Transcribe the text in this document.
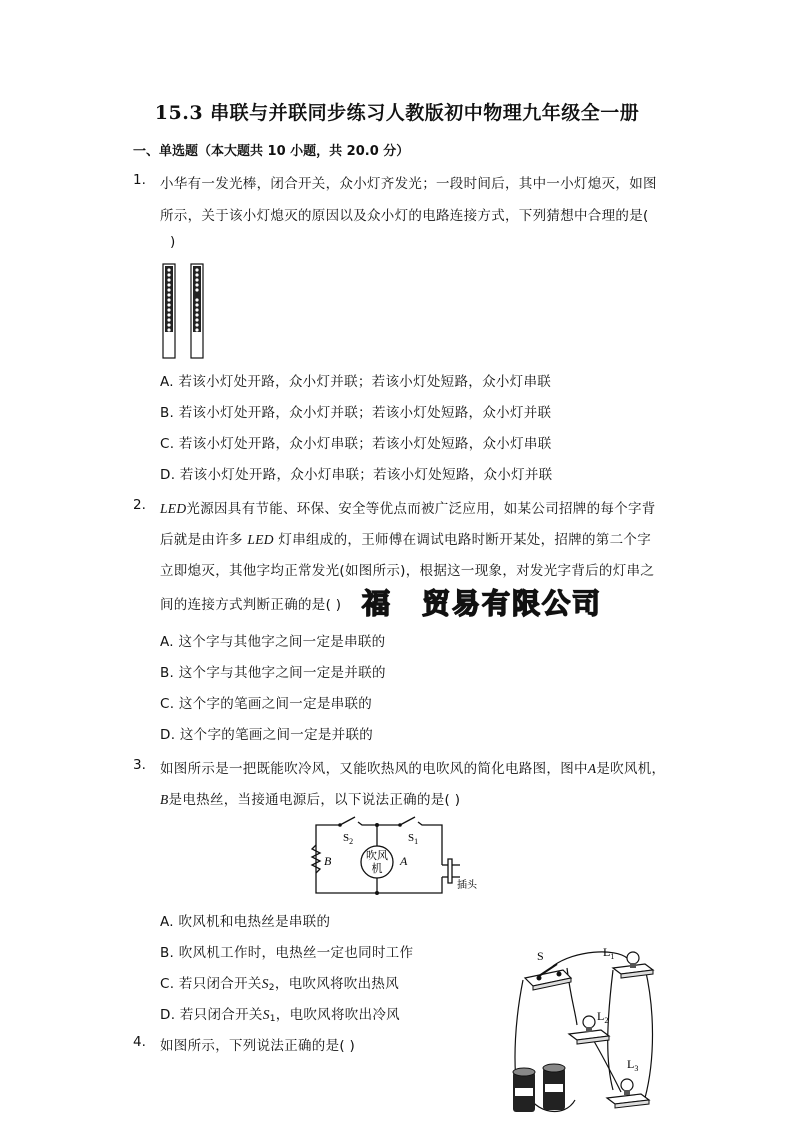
15.3 串联与并联同步练习人教版初中物理九年级全一册
一、单选题（本大题共 10 小题，共 20.0 分）
1. 小华有一发光棒，闭合开关，众小灯齐发光；一段时间后，其中一小灯熄灭，如图
所示，关于该小灯熄灭的原因以及众小灯的电路连接方式，下列猜想中合理的是(
)
A. 若该小灯处开路，众小灯并联；若该小灯处短路，众小灯串联
B. 若该小灯处开路，众小灯并联；若该小灯处短路，众小灯并联
C. 若该小灯处开路，众小灯串联；若该小灯处短路，众小灯串联
D. 若该小灯处开路，众小灯串联；若该小灯处短路，众小灯并联
2. LED光源因具有节能、环保、安全等优点而被广泛应用，如某公司招牌的每个字背
后就是由许多 LED 灯串组成的，王师傅在调试电路时断开某处，招牌的第二个字
立即熄灭，其他字均正常发光(如图所示)，根据这一现象，对发光字背后的灯串之
间的连接方式判断正确的是( ) 福 贸易有限公司
A. 这个字与其他字之间一定是串联的
B. 这个字与其他字之间一定是并联的
C. 这个字的笔画之间一定是串联的
D. 这个字的笔画之间一定是并联的
3. 如图所示是一把既能吹冷风，又能吹热风的电吹风的简化电路图，图中A是吹风机，
B是电热丝，当接通电源后，以下说法正确的是( )
吹风
机
$S_2$	$S_1$
B	A
插头
A. 吹风机和电热丝是串联的
B. 吹风机工作时，电热丝一定也同时工作
C. 若只闭合开关$S_2$，电吹风将吹出热风
D. 若只闭合开关$S_1$，电吹风将吹出冷风
4. 如图所示，下列说法正确的是( )
S	$L_1$
$L_2$
$L_3$
